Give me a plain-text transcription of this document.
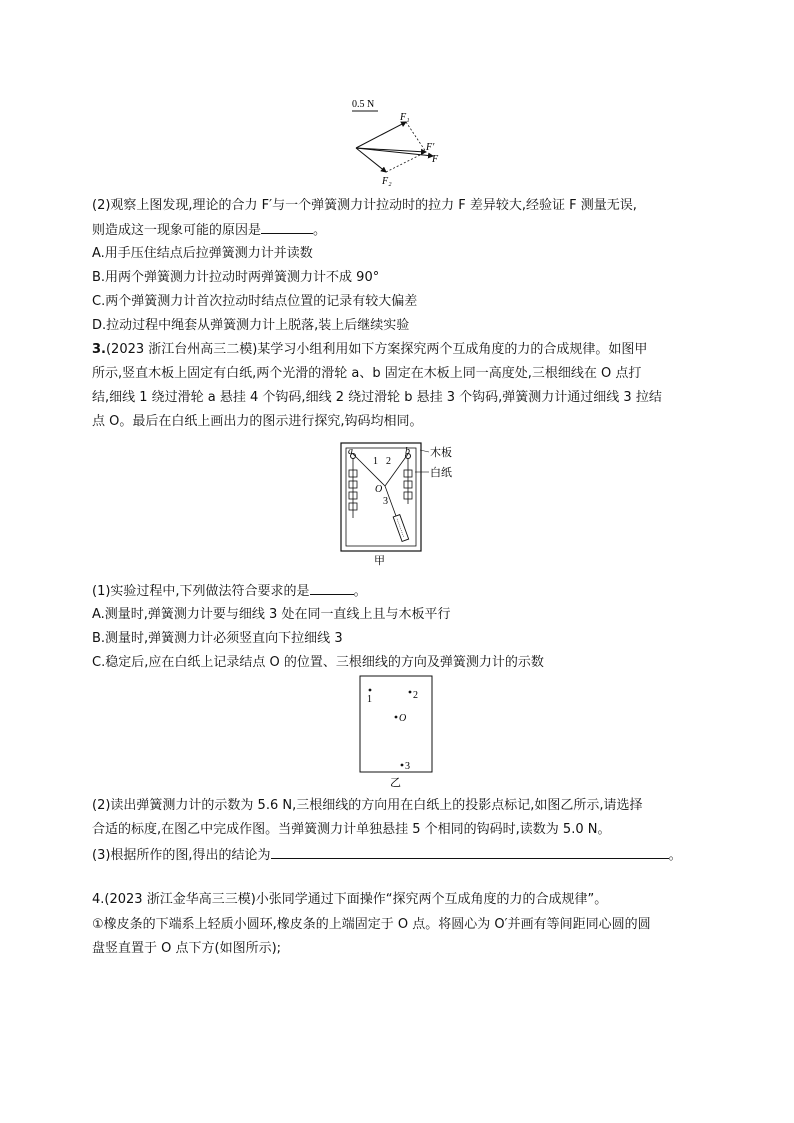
0.5 N
F₁
F₂
F′
F
(2)观察上图发现,理论的合力 F′与一个弹簧测力计拉动时的拉力 F 差异较大,经验证 F 测量无误,
则造成这一现象可能的原因是	。
A.用手压住结点后拉弹簧测力计并读数
B.用两个弹簧测力计拉动时两弹簧测力计不成 90°
C.两个弹簧测力计首次拉动时结点位置的记录有较大偏差
D.拉动过程中绳套从弹簧测力计上脱落,装上后继续实验
3.(2023 浙江台州高三二模)某学习小组利用如下方案探究两个互成角度的力的合成规律。如图甲
所示,竖直木板上固定有白纸,两个光滑的滑轮 a、b 固定在木板上同一高度处,三根细线在 O 点打
结,细线 1 绕过滑轮 a 悬挂 4 个钩码,细线 2 绕过滑轮 b 悬挂 3 个钩码,弹簧测力计通过细线 3 拉结
点 O。最后在白纸上画出力的图示进行探究,钩码均相同。
a	b
1 2
O
3
木板
白纸
甲
(1)实验过程中,下列做法符合要求的是	。
A.测量时,弹簧测力计要与细线 3 处在同一直线上且与木板平行
B.测量时,弹簧测力计必须竖直向下拉细线 3
C.稳定后,应在白纸上记录结点 O 的位置、三根细线的方向及弹簧测力计的示数
1	2
O
3
乙
(2)读出弹簧测力计的示数为 5.6 N,三根细线的方向用在白纸上的投影点标记,如图乙所示,请选择
合适的标度,在图乙中完成作图。当弹簧测力计单独悬挂 5 个相同的钩码时,读数为 5.0 N。
(3)根据所作的图,得出的结论为	。
4.(2023 浙江金华高三三模)小张同学通过下面操作“探究两个互成角度的力的合成规律”。
①橡皮条的下端系上轻质小圆环,橡皮条的上端固定于 O 点。将圆心为 O′并画有等间距同心圆的圆
盘竖直置于 O 点下方(如图所示);
